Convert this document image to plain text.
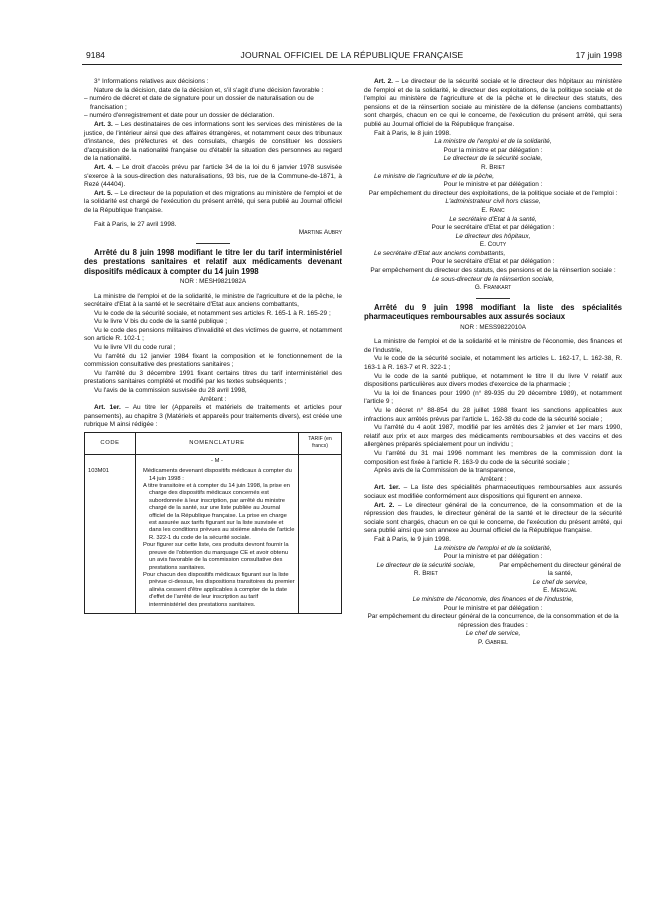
9184	JOURNAL OFFICIEL DE LA RÉPUBLIQUE FRANÇAISE	17 juin 1998

3° Informations relatives aux décisions :

Nature de la décision, date de la décision et, s'il s'agit d'une décision favorable :

– numéro de décret et date de signature pour un dossier de naturalisation ou de francisation ;
– numéro d'enregistrement et date pour un dossier de déclaration.

Art. 3. – Les destinataires de ces informations sont les services des ministères de la justice, de l'intérieur ainsi que des affaires étrangères, et notamment ceux des tribunaux d'instance, des préfectures et des consulats, chargés de constituer les dossiers d'acquisition de la nationalité française ou d'établir la situation des personnes au regard de la nationalité.

Art. 4. – Le droit d'accès prévu par l'article 34 de la loi du 6 janvier 1978 susvisée s'exerce à la sous-direction des naturalisations, 93 bis, rue de la Commune-de-1871, à Rezé (44404).

Art. 5. – Le directeur de la population et des migrations au ministère de l'emploi et de la solidarité est chargé de l'exécution du présent arrêté, qui sera publié au Journal officiel de la République française.

Fait à Paris, le 27 avril 1998.

Martine Aubry

Arrêté du 8 juin 1998 modifiant le titre Ier du tarif interministériel des prestations sanitaires et relatif aux médicaments devenant dispositifs médicaux à compter du 14 juin 1998

NOR : MESH9821982A

La ministre de l'emploi et de la solidarité, le ministre de l'agriculture et de la pêche, le secrétaire d'Etat à la santé et le secrétaire d'Etat aux anciens combattants,

Vu le code de la sécurité sociale, et notamment ses articles R. 165-1 à R. 165-29 ;

Vu le livre V bis du code de la santé publique ;

Vu le code des pensions militaires d'invalidité et des victimes de guerre, et notamment son article R. 102-1 ;

Vu le livre VII du code rural ;

Vu l'arrêté du 12 janvier 1984 fixant la composition et le fonctionnement de la commission consultative des prestations sanitaires ;

Vu l'arrêté du 3 décembre 1991 fixant certains titres du tarif interministériel des prestations sanitaires complété et modifié par les textes subséquents ;

Vu l'avis de la commission susvisée du 28 avril 1998,

Arrêtent :

Art. 1er. – Au titre Ier (Appareils et matériels de traitements et articles pour pansements), au chapitre 3 (Matériels et appareils pour traitements divers), est créée une rubrique M ainsi rédigée :

CODE	NOMENCLATURE	TARIF (en francs)
	- M -	
103M01	Médicaments devenant dispositifs médicaux à compter du 14 juin 1998 :
A titre transitoire et à compter du 14 juin 1998, la prise en charge des dispositifs médicaux concernés est subordonnée à leur inscription, par arrêté du ministre chargé de la santé, sur une liste publiée au Journal officiel de la République française. La prise en charge est assurée aux tarifs figurant sur la liste susvisée et dans les conditions prévues au sixième alinéa de l'article R. 322-1 du code de la sécurité sociale.
Pour figurer sur cette liste, ces produits devront fournir la preuve de l'obtention du marquage CE et avoir obtenu un avis favorable de la commission consultative des prestations sanitaires.
Pour chacun des dispositifs médicaux figurant sur la liste prévue ci-dessus, les dispositions transitoires du premier alinéa cessent d'être applicables à compter de la date d'effet de l'arrêté de leur inscription au tarif interministériel des prestations sanitaires.	

Art. 2. – Le directeur de la sécurité sociale et le directeur des hôpitaux au ministère de l'emploi et de la solidarité, le directeur des exploitations, de la politique sociale et de l'emploi au ministère de l'agriculture et de la pêche et le directeur des statuts, des pensions et de la réinsertion sociale au ministère de la défense (anciens combattants) sont chargés, chacun en ce qui le concerne, de l'exécution du présent arrêté, qui sera publié au Journal officiel de la République française.

Fait à Paris, le 8 juin 1998.

La ministre de l'emploi et de la solidarité,

Pour la ministre et par délégation :

Le directeur de la sécurité sociale,

R. Briet

Le ministre de l'agriculture et de la pêche,

Pour le ministre et par délégation :

Par empêchement du directeur des exploitations, de la politique sociale et de l'emploi :

L'administrateur civil hors classe,

E. Ranc

Le secrétaire d'Etat à la santé,

Pour le secrétaire d'Etat et par délégation :

Le directeur des hôpitaux,

E. Couty

Le secrétaire d'Etat aux anciens combattants,

Pour le secrétaire d'Etat et par délégation :

Par empêchement du directeur des statuts, des pensions et de la réinsertion sociale :

Le sous-directeur de la réinsertion sociale,

G. Frankart

Arrêté du 9 juin 1998 modifiant la liste des spécialités pharmaceutiques remboursables aux assurés sociaux

NOR : MESS9822010A

La ministre de l'emploi et de la solidarité et le ministre de l'économie, des finances et de l'industrie,

Vu le code de la sécurité sociale, et notamment les articles L. 162-17, L. 162-38, R. 163-1 à R. 163-7 et R. 322-1 ;

Vu le code de la santé publique, et notamment le titre II du livre V relatif aux dispositions particulières aux divers modes d'exercice de la pharmacie ;

Vu la loi de finances pour 1990 (n° 89-935 du 29 décembre 1989), et notamment l'article 9 ;

Vu le décret n° 88-854 du 28 juillet 1988 fixant les sanctions applicables aux infractions aux arrêtés prévus par l'article L. 162-38 du code de la sécurité sociale ;

Vu l'arrêté du 4 août 1987, modifié par les arrêtés des 2 janvier et 1er mars 1990, relatif aux prix et aux marges des médicaments remboursables et des vaccins et des allergènes préparés spécialement pour un individu ;

Vu l'arrêté du 31 mai 1996 nommant les membres de la commission dont la composition est fixée à l'article R. 163-9 du code de la sécurité sociale ;

Après avis de la Commission de la transparence,

Arrêtent :

Art. 1er. – La liste des spécialités pharmaceutiques remboursables aux assurés sociaux est modifiée conformément aux dispositions qui figurent en annexe.

Art. 2. – Le directeur général de la concurrence, de la consommation et de la répression des fraudes, le directeur général de la santé et le directeur de la sécurité sociale sont chargés, chacun en ce qui le concerne, de l'exécution du présent arrêté, qui sera publié ainsi que son annexe au Journal officiel de la République française.

Fait à Paris, le 9 juin 1998.

La ministre de l'emploi et de la solidarité,

Pour la ministre et par délégation :

Le directeur de la sécurité sociale,
R. Briet
Par empêchement du directeur général de la santé,
Le chef de service,
E. Mengual

Le ministre de l'économie, des finances et de l'industrie,

Pour le ministre et par délégation :

Par empêchement du directeur général de la concurrence, de la consommation et de la répression des fraudes :

Le chef de service,

P. Gabriel
